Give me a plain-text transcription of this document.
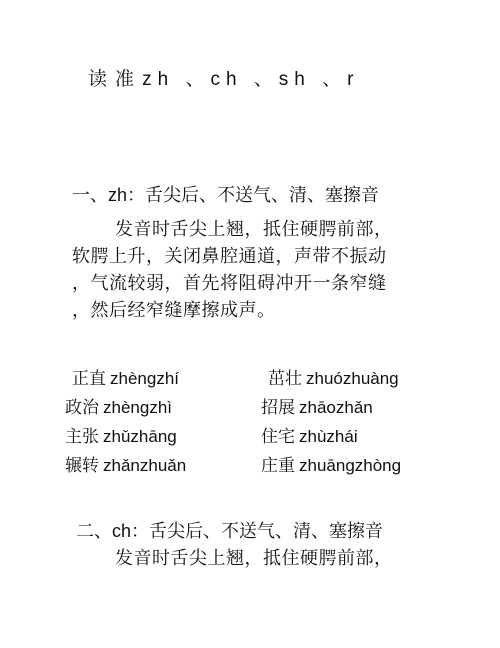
读 准 zh 、ch 、sh 、r
一、zh：舌尖后、不送气、清、塞擦音
发音时舌尖上翘，抵住硬腭前部，
软腭上升，关闭鼻腔通道，声带不振动
，气流较弱，首先将阻碍冲开一条窄缝
，然后经窄缝摩擦成声。
正直 zhèngzhí	茁壮 zhuózhuàng
政治 zhèngzhì	招展 zhāozhǎn
主张 zhǔzhāng	住宅 zhùzhái
辗转 zhǎnzhuǎn	庄重 zhuāngzhòng
二、ch：舌尖后、不送气、清、塞擦音
发音时舌尖上翘，抵住硬腭前部，
